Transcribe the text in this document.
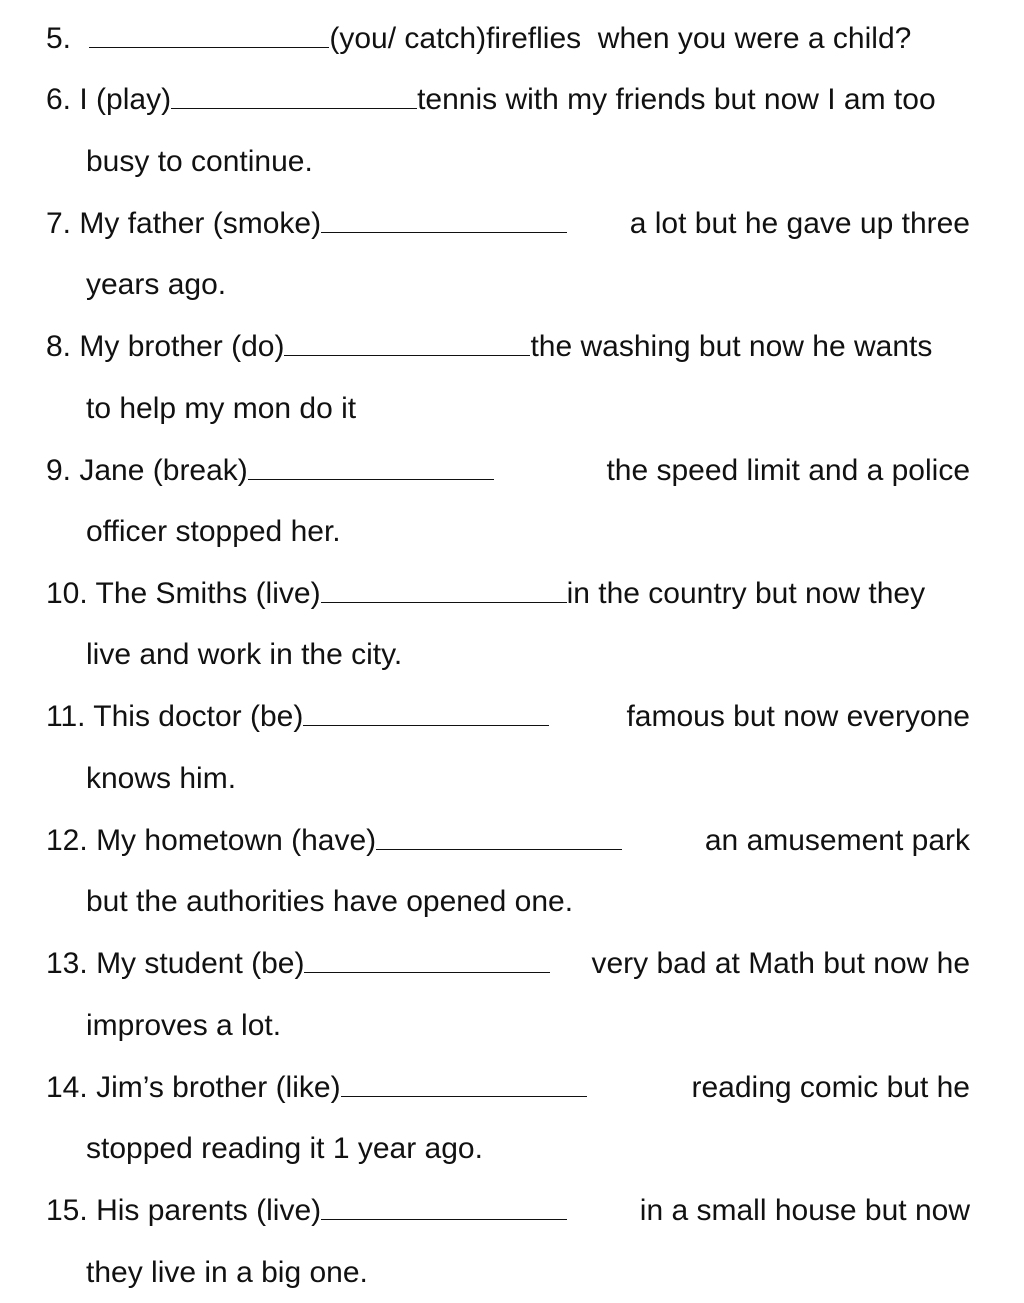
5.	(you/ catch)fireflies  when you were a child?
6. I (play)	tennis with my friends but now I am too
busy to continue.
7. My father (smoke)	a lot but he gave up three
years ago.
8. My brother (do)	the washing but now he wants
to help my mon do it
9. Jane (break)	the speed limit and a police
officer stopped her.
10. The Smiths (live)	in the country but now they
live and work in the city.
11. This doctor (be)	famous but now everyone
knows him.
12. My hometown (have)	an amusement park
but the authorities have opened one.
13. My student (be)	very bad at Math but now he
improves a lot.
14. Jim’s brother (like)	reading comic but he
stopped reading it 1 year ago.
15. His parents (live)	in a small house but now
they live in a big one.
